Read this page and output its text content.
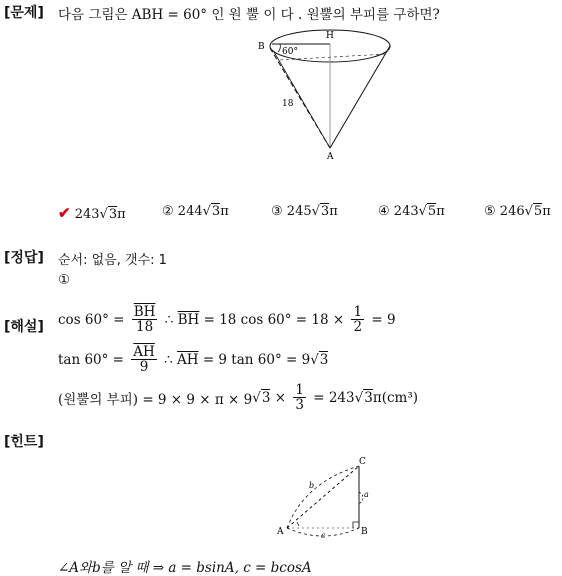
[문제] 다음 그림은 ABH = 60° 인 원 뿔 이 다 . 원뿔의 부피를 구하면?
B
H
A
60°
18
✔ 243√3π	② 244√3π	③ 245√3π	④ 243√5π	⑤ 246√5π
[정답] 순서: 없음, 갯수: 1
①
[해설] $\cos 60^\circ = \frac{\overline{BH}}{18}$ ∴ $\overline{BH} = 18$ $\cos 60^\circ = 18 \times \frac{1}{2} = 9$
$\tan 60^\circ = \frac{\overline{AH}}{9}$ ∴ $\overline{AH} = 9$ tan 60° = 9 √ 3
(원뿔의 부피) = 9 × 9 × π × 9 √ $3 \times \frac{1}{3} = 243$ √ 3 π(cm³)
[힌트]
A	B
C
a
b
c
∠A와b를 알 때 ⇒ a = bsinA, c = bcosA
